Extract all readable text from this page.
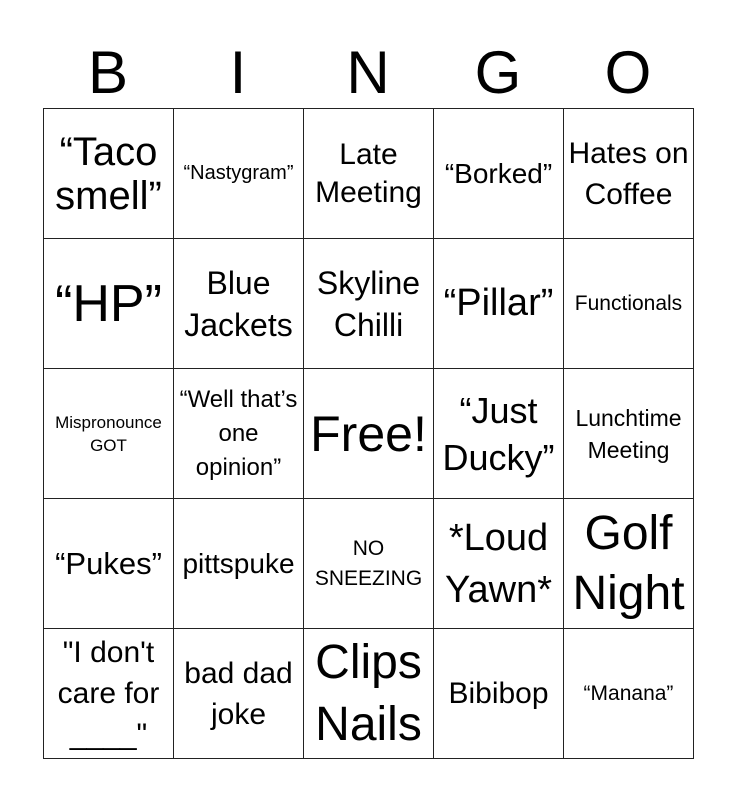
B	I	N	G	O
“Taco smell”	“Nastygram”	Late Meeting	“Borked”	Hates on Coffee
“HP”	Blue Jackets	Skyline Chilli	“Pillar”	Functionals
Mispronounce GOT	“Well that’s one opinion”	Free!	“Just Ducky”	Lunchtime Meeting
“Pukes”	pittspuke	NO SNEEZING	*Loud Yawn*	Golf Night
"I don't care for ____"	bad dad joke	Clips Nails	Bibibop	“Manana”
